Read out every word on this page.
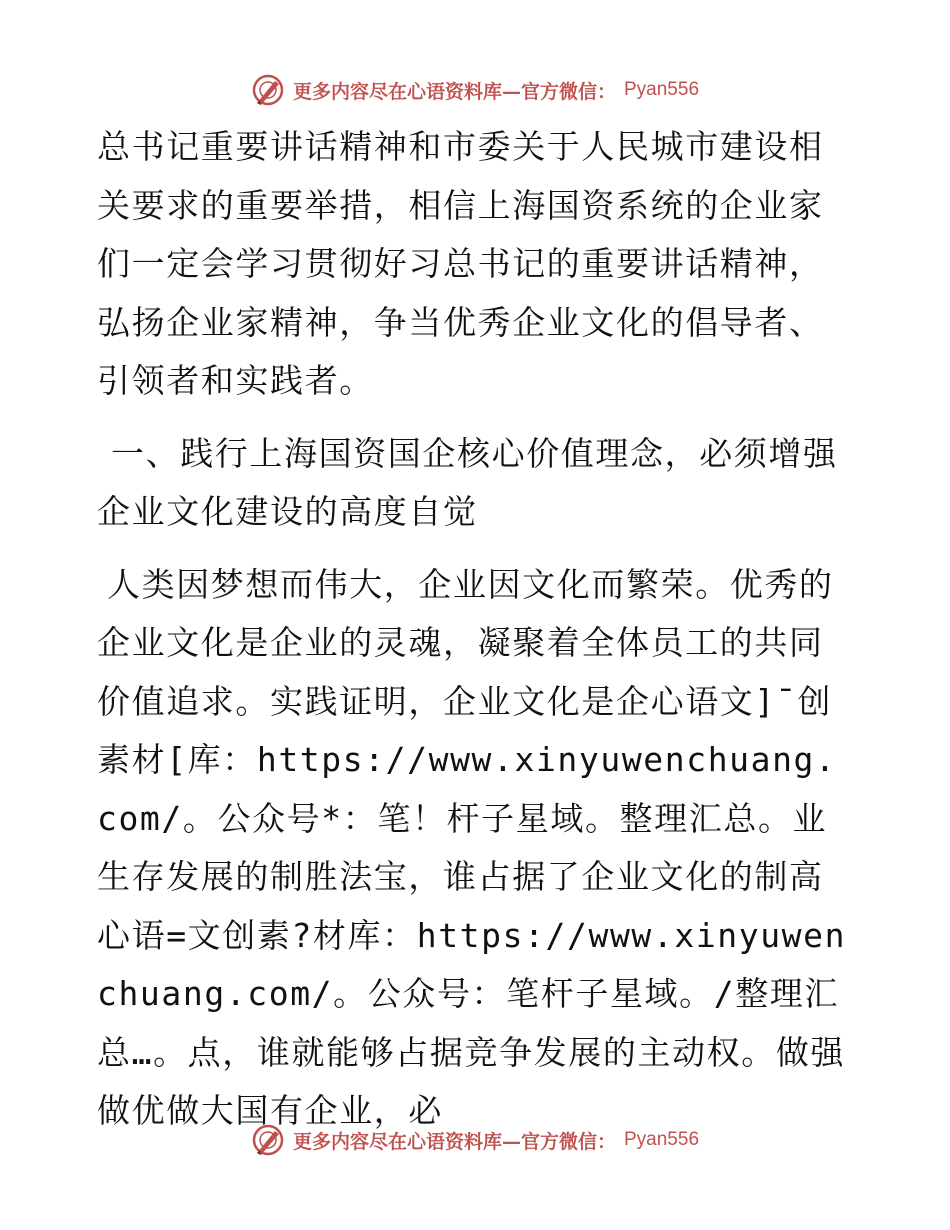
更多内容尽在心语资料库—官方微信： Pyan556

总书记重要讲话精神和市委关于人民城市建设相关要求的重要举措，相信上海国资系统的企业家们一定会学习贯彻好习总书记的重要讲话精神，弘扬企业家精神，争当优秀企业文化的倡导者、引领者和实践者。

一、践行上海国资国企核心价值理念，必须增强企业文化建设的高度自觉

人类因梦想而伟大，企业因文化而繁荣。优秀的企业文化是企业的灵魂，凝聚着全体员工的共同价值追求。实践证明，企业文化是企心语文]¯创素材[库：https://www.xinyuwenchuang.com/。公众号*：笔！杆子星域。整理汇总。业生存发展的制胜法宝，谁占据了企业文化的制高心语=文创素?材库：https://www.xinyuwenchuang.com/。公众号：笔杆子星域。/整理汇总…。点，谁就能够占据竞争发展的主动权。做强做优做大国有企业，必

更多内容尽在心语资料库—官方微信： Pyan556
